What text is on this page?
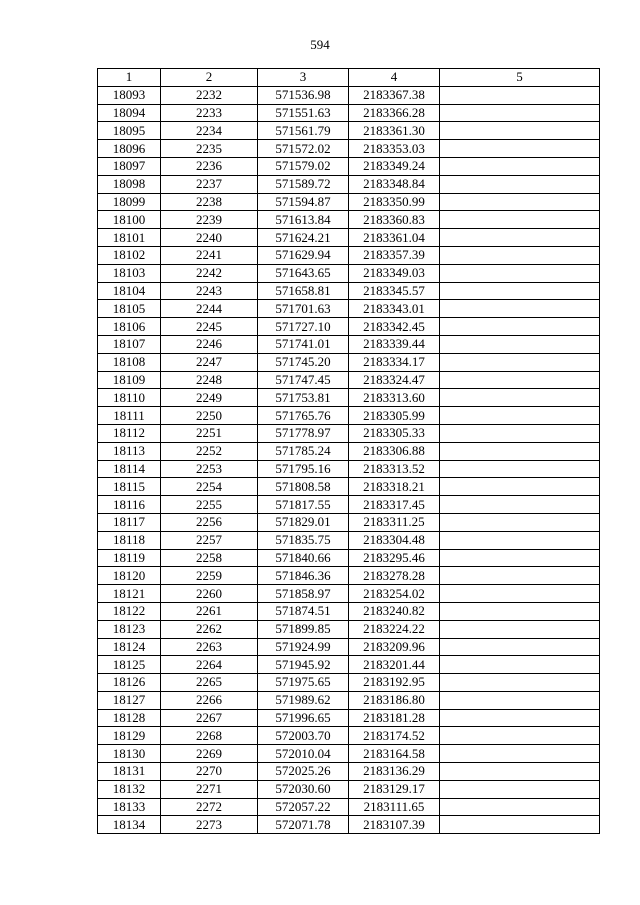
594
1	2	3	4	5
18093	2232	571536.98	2183367.38	
18094	2233	571551.63	2183366.28	
18095	2234	571561.79	2183361.30	
18096	2235	571572.02	2183353.03	
18097	2236	571579.02	2183349.24	
18098	2237	571589.72	2183348.84	
18099	2238	571594.87	2183350.99	
18100	2239	571613.84	2183360.83	
18101	2240	571624.21	2183361.04	
18102	2241	571629.94	2183357.39	
18103	2242	571643.65	2183349.03	
18104	2243	571658.81	2183345.57	
18105	2244	571701.63	2183343.01	
18106	2245	571727.10	2183342.45	
18107	2246	571741.01	2183339.44	
18108	2247	571745.20	2183334.17	
18109	2248	571747.45	2183324.47	
18110	2249	571753.81	2183313.60	
18111	2250	571765.76	2183305.99	
18112	2251	571778.97	2183305.33	
18113	2252	571785.24	2183306.88	
18114	2253	571795.16	2183313.52	
18115	2254	571808.58	2183318.21	
18116	2255	571817.55	2183317.45	
18117	2256	571829.01	2183311.25	
18118	2257	571835.75	2183304.48	
18119	2258	571840.66	2183295.46	
18120	2259	571846.36	2183278.28	
18121	2260	571858.97	2183254.02	
18122	2261	571874.51	2183240.82	
18123	2262	571899.85	2183224.22	
18124	2263	571924.99	2183209.96	
18125	2264	571945.92	2183201.44	
18126	2265	571975.65	2183192.95	
18127	2266	571989.62	2183186.80	
18128	2267	571996.65	2183181.28	
18129	2268	572003.70	2183174.52	
18130	2269	572010.04	2183164.58	
18131	2270	572025.26	2183136.29	
18132	2271	572030.60	2183129.17	
18133	2272	572057.22	2183111.65	
18134	2273	572071.78	2183107.39	
